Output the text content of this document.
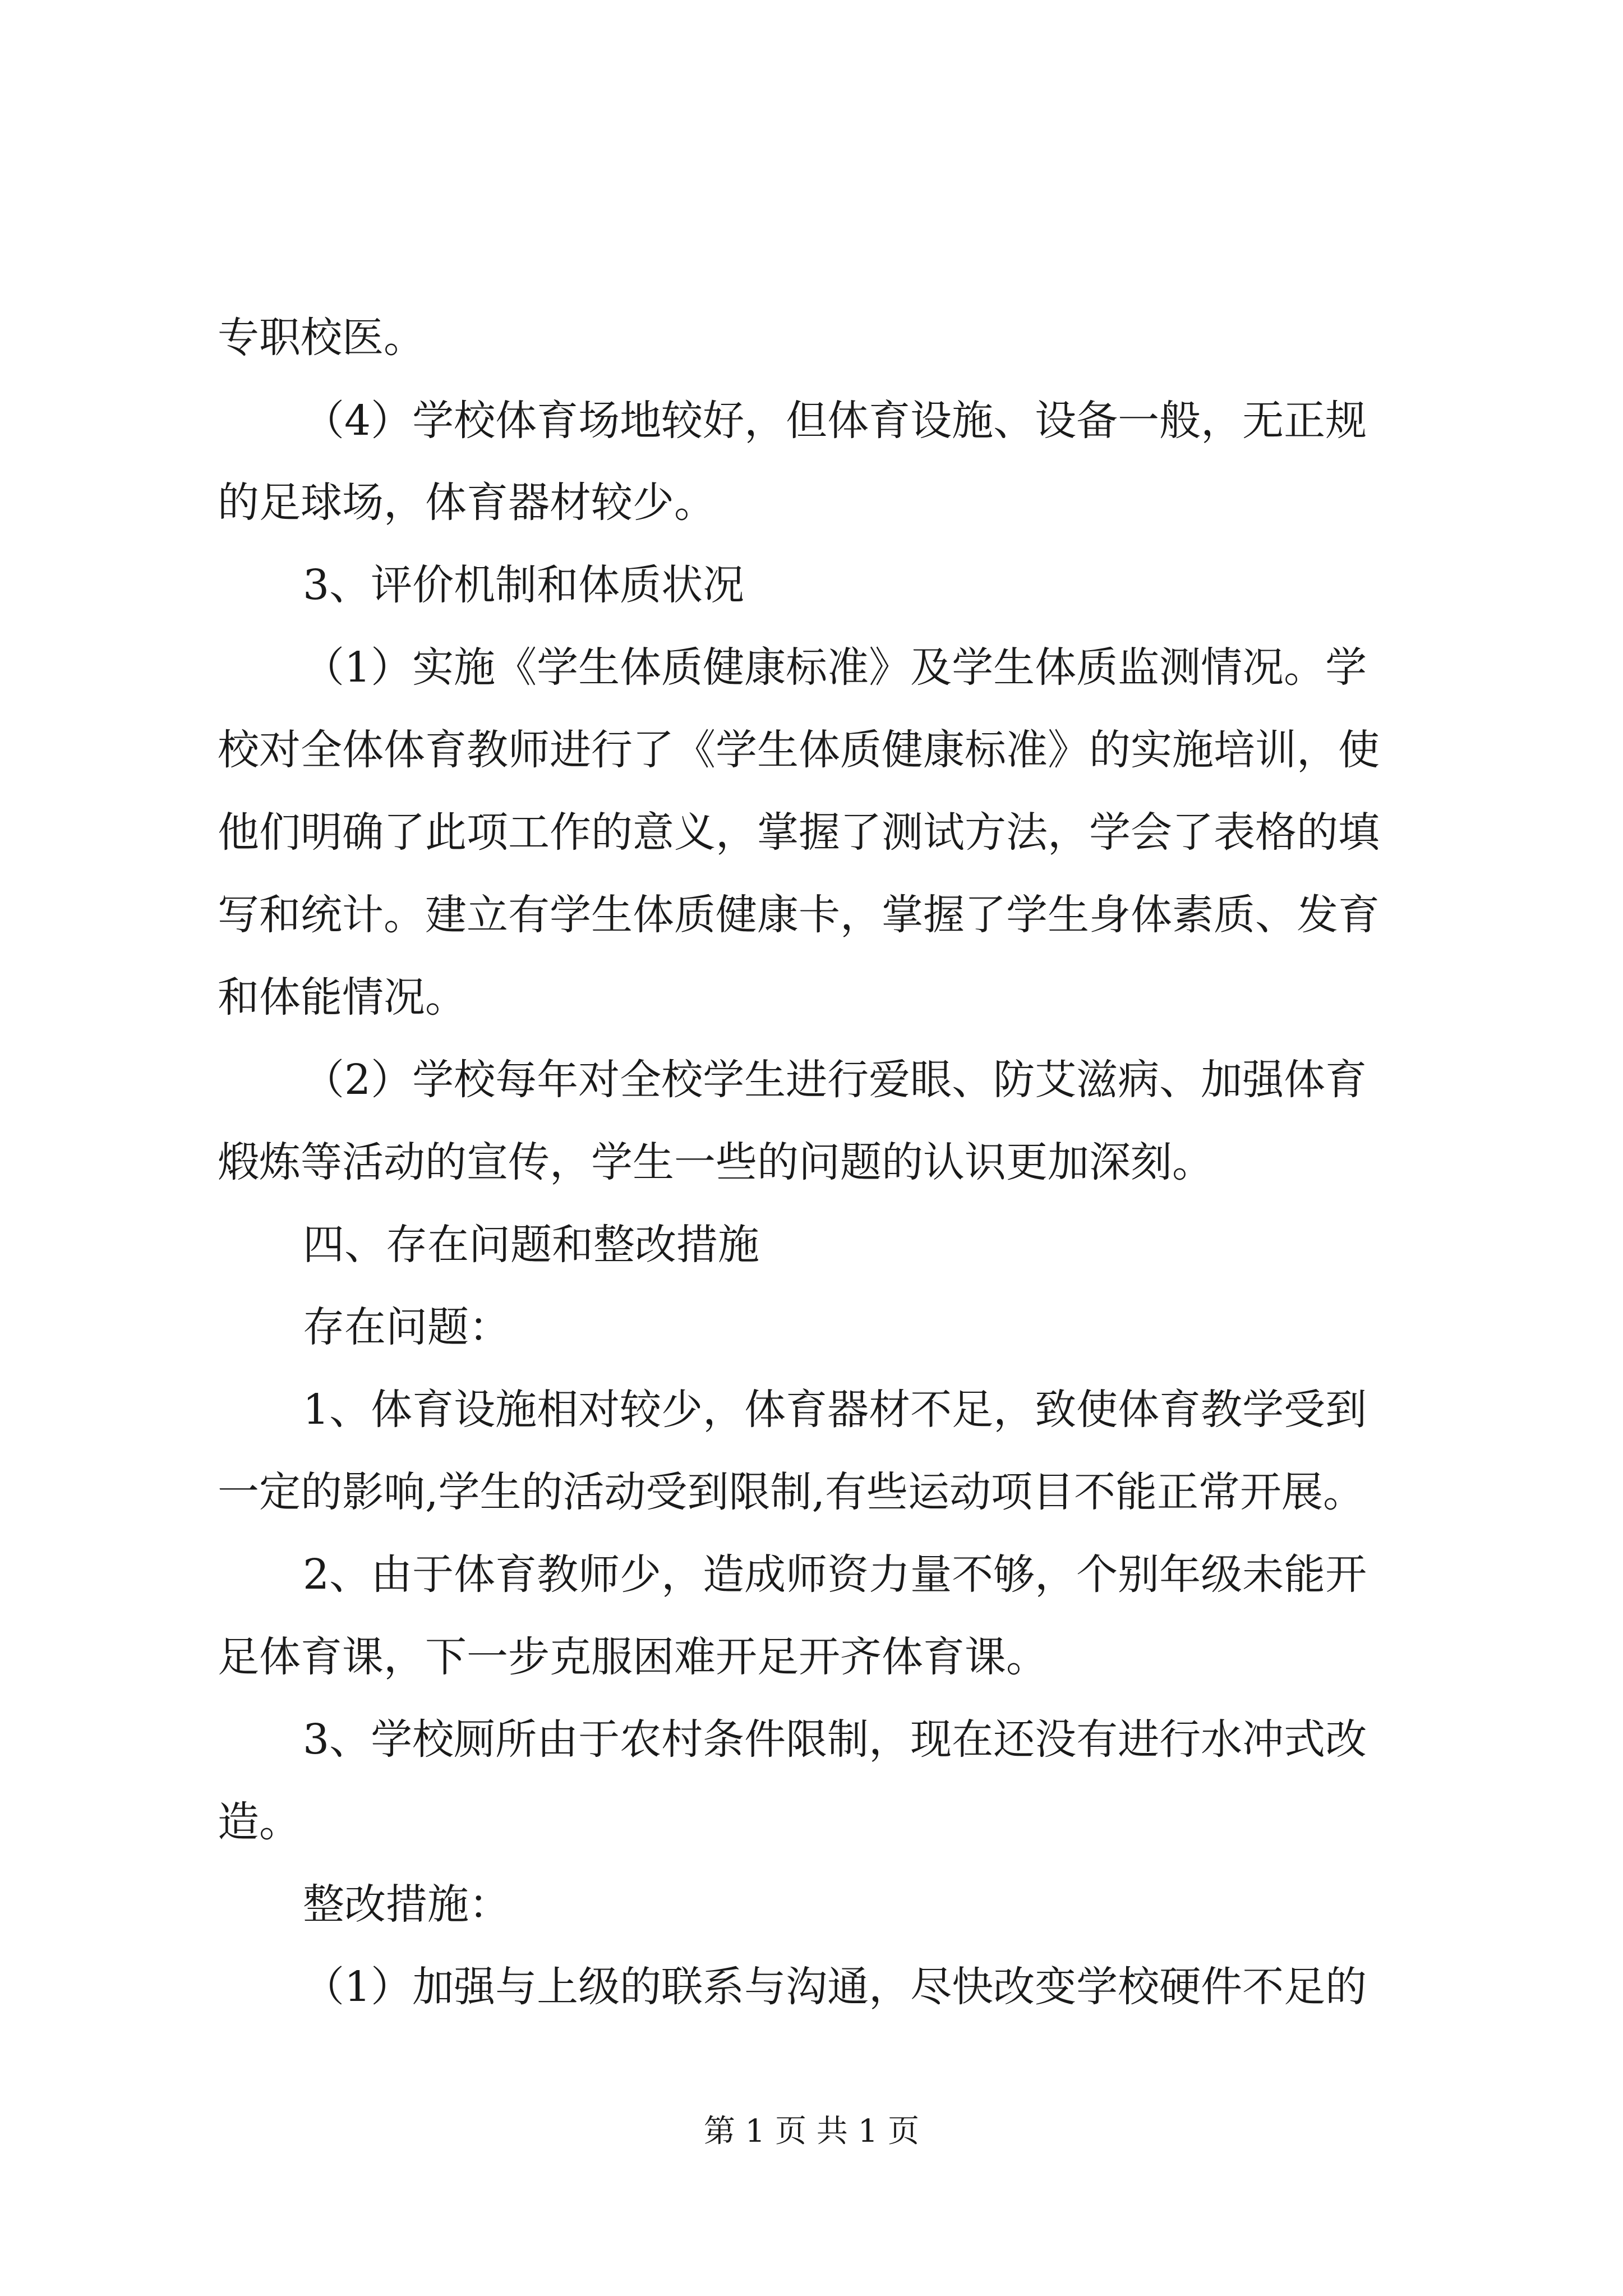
专职校医。
（4）学校体育场地较好，但体育设施、设备一般，无正规
的足球场，体育器材较少。
3、评价机制和体质状况
（1）实施《学生体质健康标准》及学生体质监测情况。学
校对全体体育教师进行了《学生体质健康标准》的实施培训，使
他们明确了此项工作的意义，掌握了测试方法，学会了表格的填
写和统计。建立有学生体质健康卡，掌握了学生身体素质、发育
和体能情况。
（2）学校每年对全校学生进行爱眼、防艾滋病、加强体育
煅炼等活动的宣传，学生一些的问题的认识更加深刻。
四、存在问题和整改措施
存在问题：
1、体育设施相对较少，体育器材不足，致使体育教学受到
一定的影响,学生的活动受到限制,有些运动项目不能正常开展。
2、由于体育教师少，造成师资力量不够，个别年级未能开
足体育课，下一步克服困难开足开齐体育课。
3、学校厕所由于农村条件限制，现在还没有进行水冲式改
造。
整改措施：
（1）加强与上级的联系与沟通，尽快改变学校硬件不足的
第 1 页 共 1 页
